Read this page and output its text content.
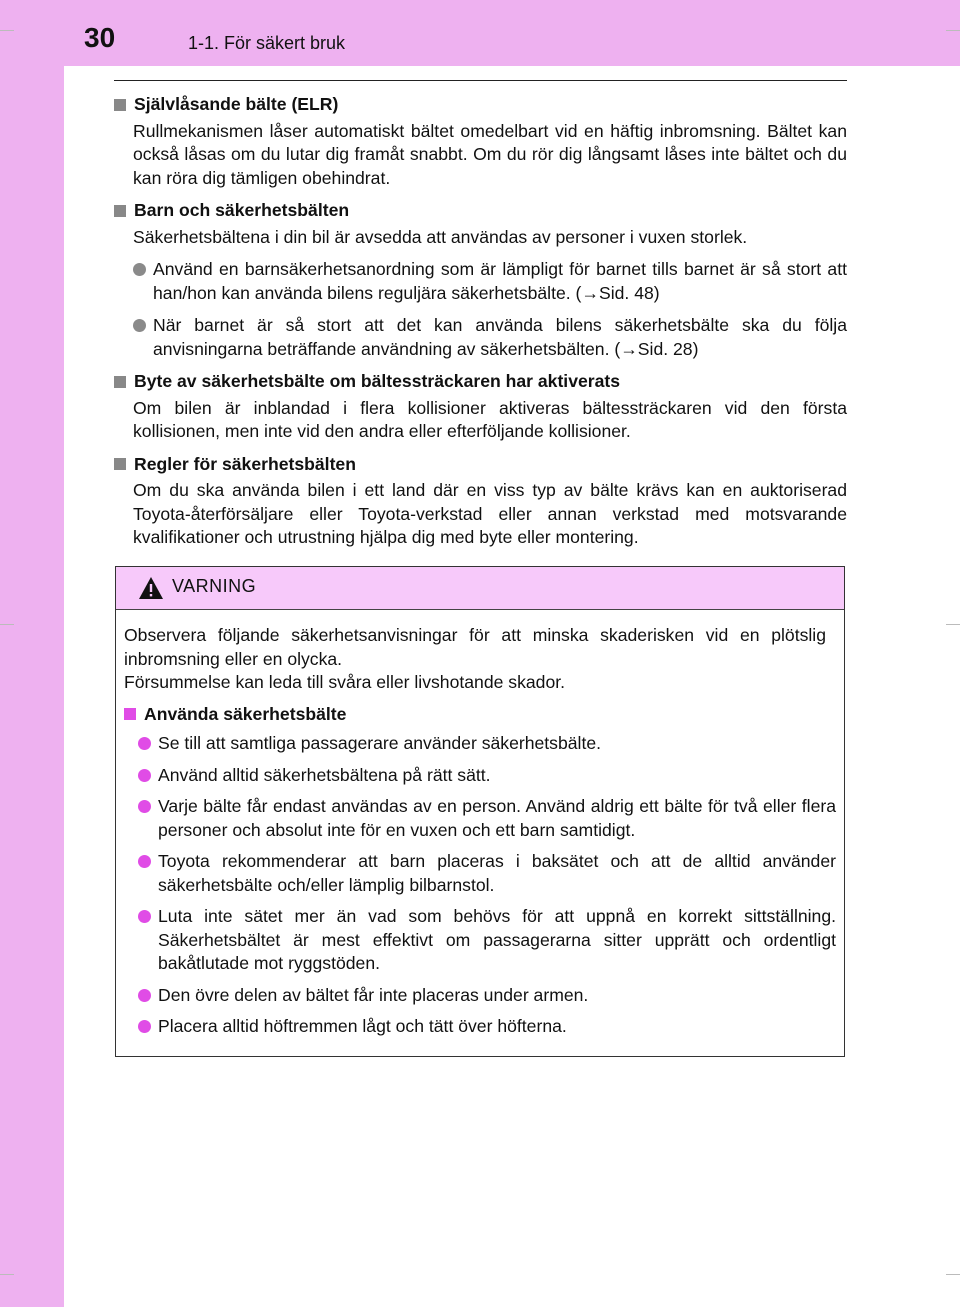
30	1-1. För säkert bruk
Självlåsande bälte (ELR)
Rullmekanismen låser automatiskt bältet omedelbart vid en häftig inbromsning. Bältet kan också låsas om du lutar dig framåt snabbt. Om du rör dig långsamt låses inte bältet och du kan röra dig tämligen obehindrat.
Barn och säkerhetsbälten
Säkerhetsbältena i din bil är avsedda att användas av personer i vuxen storlek.
Använd en barnsäkerhetsanordning som är lämpligt för barnet tills barnet är så stort att han/hon kan använda bilens reguljära säkerhetsbälte. (→Sid. 48)
När barnet är så stort att det kan använda bilens säkerhetsbälte ska du följa anvisningarna beträffande användning av säkerhetsbälten. (→Sid. 28)
Byte av säkerhetsbälte om bältessträckaren har aktiverats
Om bilen är inblandad i flera kollisioner aktiveras bältessträckaren vid den första kollisionen, men inte vid den andra eller efterföljande kollisioner.
Regler för säkerhetsbälten
Om du ska använda bilen i ett land där en viss typ av bälte krävs kan en auktoriserad Toyota-återförsäljare eller Toyota-verkstad eller annan verkstad med motsvarande kvalifikationer och utrustning hjälpa dig med byte eller montering.
VARNING
Observera följande säkerhetsanvisningar för att minska skaderisken vid en plötslig inbromsning eller en olycka.
Försummelse kan leda till svåra eller livshotande skador.
Använda säkerhetsbälte
Se till att samtliga passagerare använder säkerhetsbälte.
Använd alltid säkerhetsbältena på rätt sätt.
Varje bälte får endast användas av en person. Använd aldrig ett bälte för två eller flera personer och absolut inte för en vuxen och ett barn samtidigt.
Toyota rekommenderar att barn placeras i baksätet och att de alltid använder säkerhetsbälte och/eller lämplig bilbarnstol.
Luta inte sätet mer än vad som behövs för att uppnå en korrekt sittställning. Säkerhetsbältet är mest effektivt om passagerarna sitter upprätt och ordentligt bakåtlutade mot ryggstöden.
Den övre delen av bältet får inte placeras under armen.
Placera alltid höftremmen lågt och tätt över höfterna.
